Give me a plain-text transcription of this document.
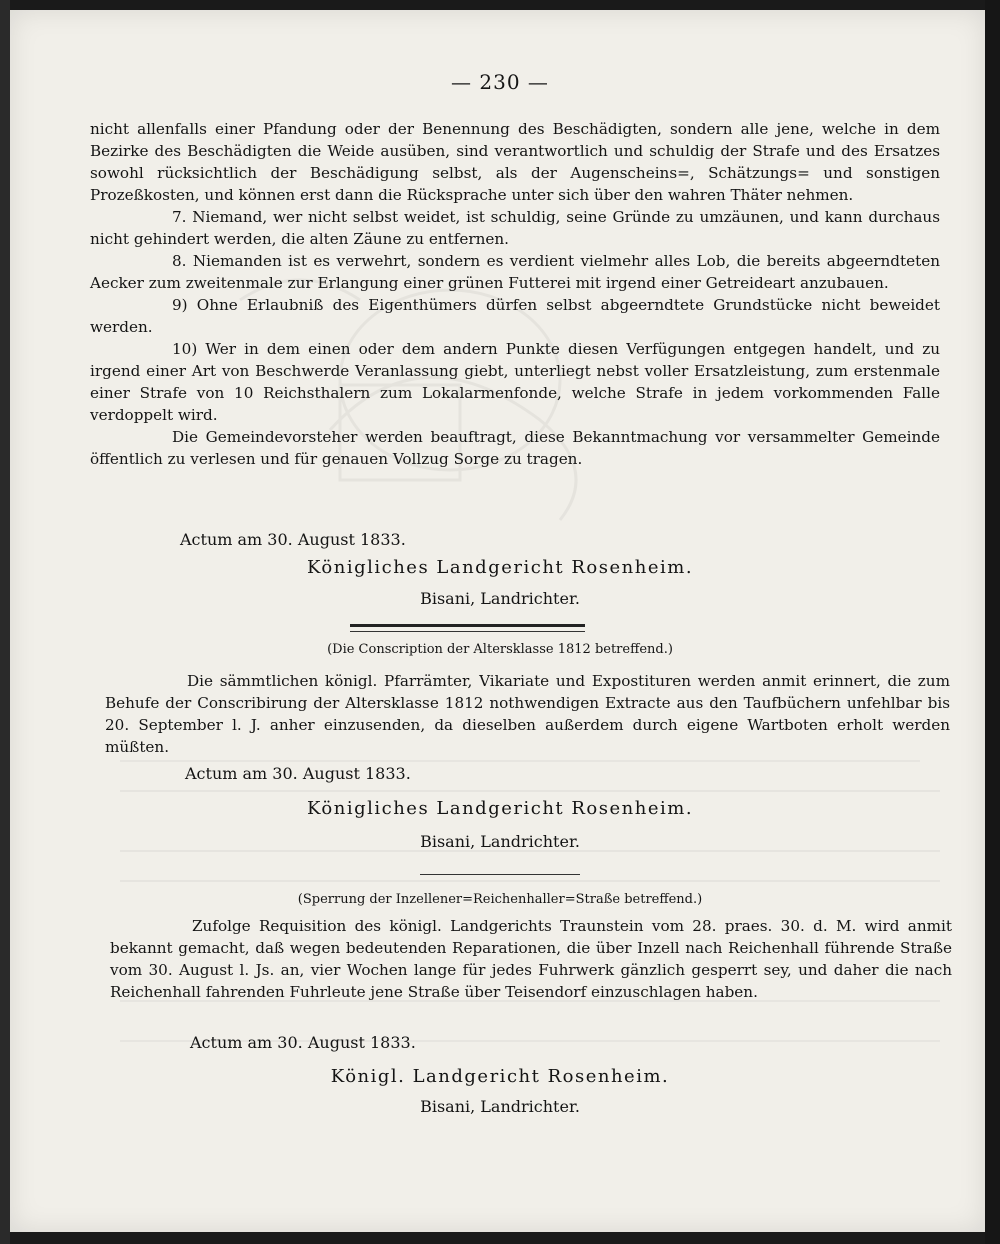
— 230 —

nicht allenfalls einer Pfandung oder der Benennung des Beschädigten, sondern alle jene, welche in dem Bezirke des Beschädigten die Weide ausüben, sind verantwortlich und schuldig der Strafe und des Ersatzes sowohl rücksichtlich der Beschädigung selbst, als der Augenscheins=, Schätzungs= und sonstigen Prozeßkosten, und können erst dann die Rücksprache unter sich über den wahren Thäter nehmen.

7. Niemand, wer nicht selbst weidet, ist schuldig, seine Gründe zu umzäunen, und kann durchaus nicht gehindert werden, die alten Zäune zu entfernen.

8. Niemanden ist es verwehrt, sondern es verdient vielmehr alles Lob, die bereits abgeerndteten Aecker zum zweitenmale zur Erlangung einer grünen Futterei mit irgend einer Getreideart anzubauen.

9) Ohne Erlaubniß des Eigenthümers dürfen selbst abgeerndtete Grundstücke nicht beweidet werden.

10) Wer in dem einen oder dem andern Punkte diesen Verfügungen entgegen handelt, und zu irgend einer Art von Beschwerde Veranlassung giebt, unterliegt nebst voller Ersatzleistung, zum erstenmale einer Strafe von 10 Reichsthalern zum Lokalarmenfonde, welche Strafe in jedem vorkommenden Falle verdoppelt wird.

Die Gemeindevorsteher werden beauftragt, diese Bekanntmachung vor versammelter Gemeinde öffentlich zu verlesen und für genauen Vollzug Sorge zu tragen.

Actum am 30. August 1833.
Königliches Landgericht Rosenheim.
Bisani, Landrichter.
(Die Conscription der Altersklasse 1812 betreffend.)

Die sämmtlichen königl. Pfarrämter, Vikariate und Expostituren werden anmit erinnert, die zum Behufe der Conscribirung der Altersklasse 1812 nothwendigen Extracte aus den Taufbüchern unfehlbar bis 20. September l. J. anher einzusenden, da dieselben außerdem durch eigene Wartboten erholt werden müßten.

Actum am 30. August 1833.
Königliches Landgericht Rosenheim.
Bisani, Landrichter.
(Sperrung der Inzellener=Reichenhaller=Straße betreffend.)

Zufolge Requisition des königl. Landgerichts Traunstein vom 28. praes. 30. d. M. wird anmit bekannt gemacht, daß wegen bedeutenden Reparationen, die über Inzell nach Reichenhall führende Straße vom 30. August l. Js. an, vier Wochen lange für jedes Fuhrwerk gänzlich gesperrt sey, und daher die nach Reichenhall fahrenden Fuhrleute jene Straße über Teisendorf einzuschlagen haben.

Actum am 30. August 1833.
Königl. Landgericht Rosenheim.
Bisani, Landrichter.
